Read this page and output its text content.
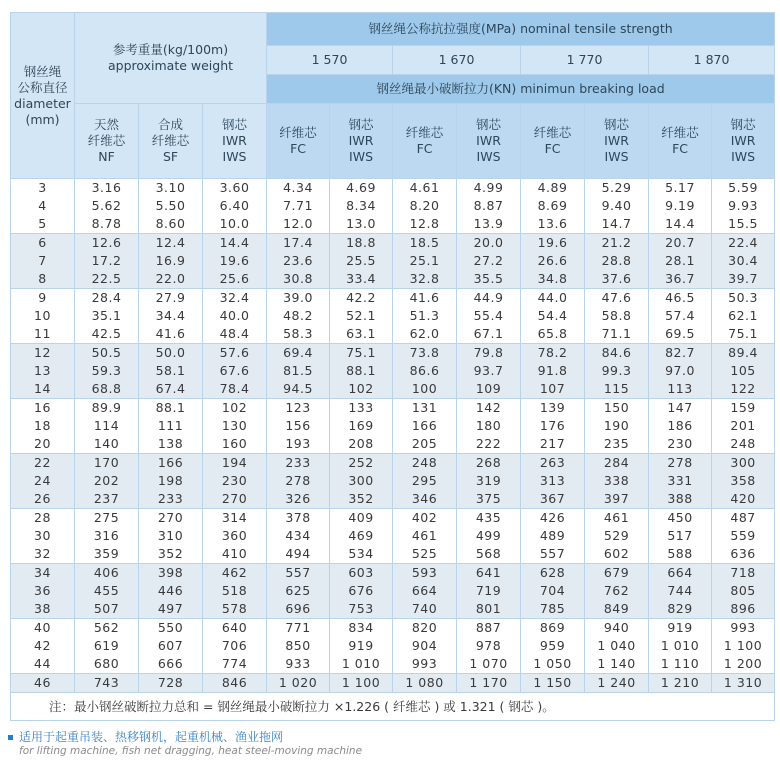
钢丝绳
公称直径
diameter
(mm)	参考重量(kg/100m)
approximate weight			钢丝绳公称抗拉强度(MPa) nominal tensile strength							
				1 570		1 670		1 770		1 870	
				钢丝绳最小破断拉力(KN) minimun breaking load							
	天然
纤维芯
NF	合成
纤维芯
SF	钢芯
IWR
IWS	纤维芯
FC	钢芯
IWR
IWS	纤维芯
FC	钢芯
IWR
IWS	纤维芯
FC	钢芯
IWR
IWS	纤维芯
FC	钢芯
IWR
IWS
3	3.16	3.10	3.60	4.34	4.69	4.61	4.99	4.89	5.29	5.17	5.59
4	5.62	5.50	6.40	7.71	8.34	8.20	8.87	8.69	9.40	9.19	9.93
5	8.78	8.60	10.0	12.0	13.0	12.8	13.9	13.6	14.7	14.4	15.5
6	12.6	12.4	14.4	17.4	18.8	18.5	20.0	19.6	21.2	20.7	22.4
7	17.2	16.9	19.6	23.6	25.5	25.1	27.2	26.6	28.8	28.1	30.4
8	22.5	22.0	25.6	30.8	33.4	32.8	35.5	34.8	37.6	36.7	39.7
9	28.4	27.9	32.4	39.0	42.2	41.6	44.9	44.0	47.6	46.5	50.3
10	35.1	34.4	40.0	48.2	52.1	51.3	55.4	54.4	58.8	57.4	62.1
11	42.5	41.6	48.4	58.3	63.1	62.0	67.1	65.8	71.1	69.5	75.1
12	50.5	50.0	57.6	69.4	75.1	73.8	79.8	78.2	84.6	82.7	89.4
13	59.3	58.1	67.6	81.5	88.1	86.6	93.7	91.8	99.3	97.0	105
14	68.8	67.4	78.4	94.5	102	100	109	107	115	113	122
16	89.9	88.1	102	123	133	131	142	139	150	147	159
18	114	111	130	156	169	166	180	176	190	186	201
20	140	138	160	193	208	205	222	217	235	230	248
22	170	166	194	233	252	248	268	263	284	278	300
24	202	198	230	278	300	295	319	313	338	331	358
26	237	233	270	326	352	346	375	367	397	388	420
28	275	270	314	378	409	402	435	426	461	450	487
30	316	310	360	434	469	461	499	489	529	517	559
32	359	352	410	494	534	525	568	557	602	588	636
34	406	398	462	557	603	593	641	628	679	664	718
36	455	446	518	625	676	664	719	704	762	744	805
38	507	497	578	696	753	740	801	785	849	829	896
40	562	550	640	771	834	820	887	869	940	919	993
42	619	607	706	850	919	904	978	959	1 040	1 010	1 100
44	680	666	774	933	1 010	993	1 070	1 050	1 140	1 110	1 200
46	743	728	846	1 020	1 100	1 080	1 170	1 150	1 240	1 210	1 310
注：最小钢丝破断拉力总和 = 钢丝绳最小破断拉力 ×1.226 ( 纤维芯 ) 或 1.321 ( 钢芯 )。											
适用于起重吊装、热移钢机，起重机械、渔业拖网
for lifting machine, fish net dragging, heat steel-moving machine
